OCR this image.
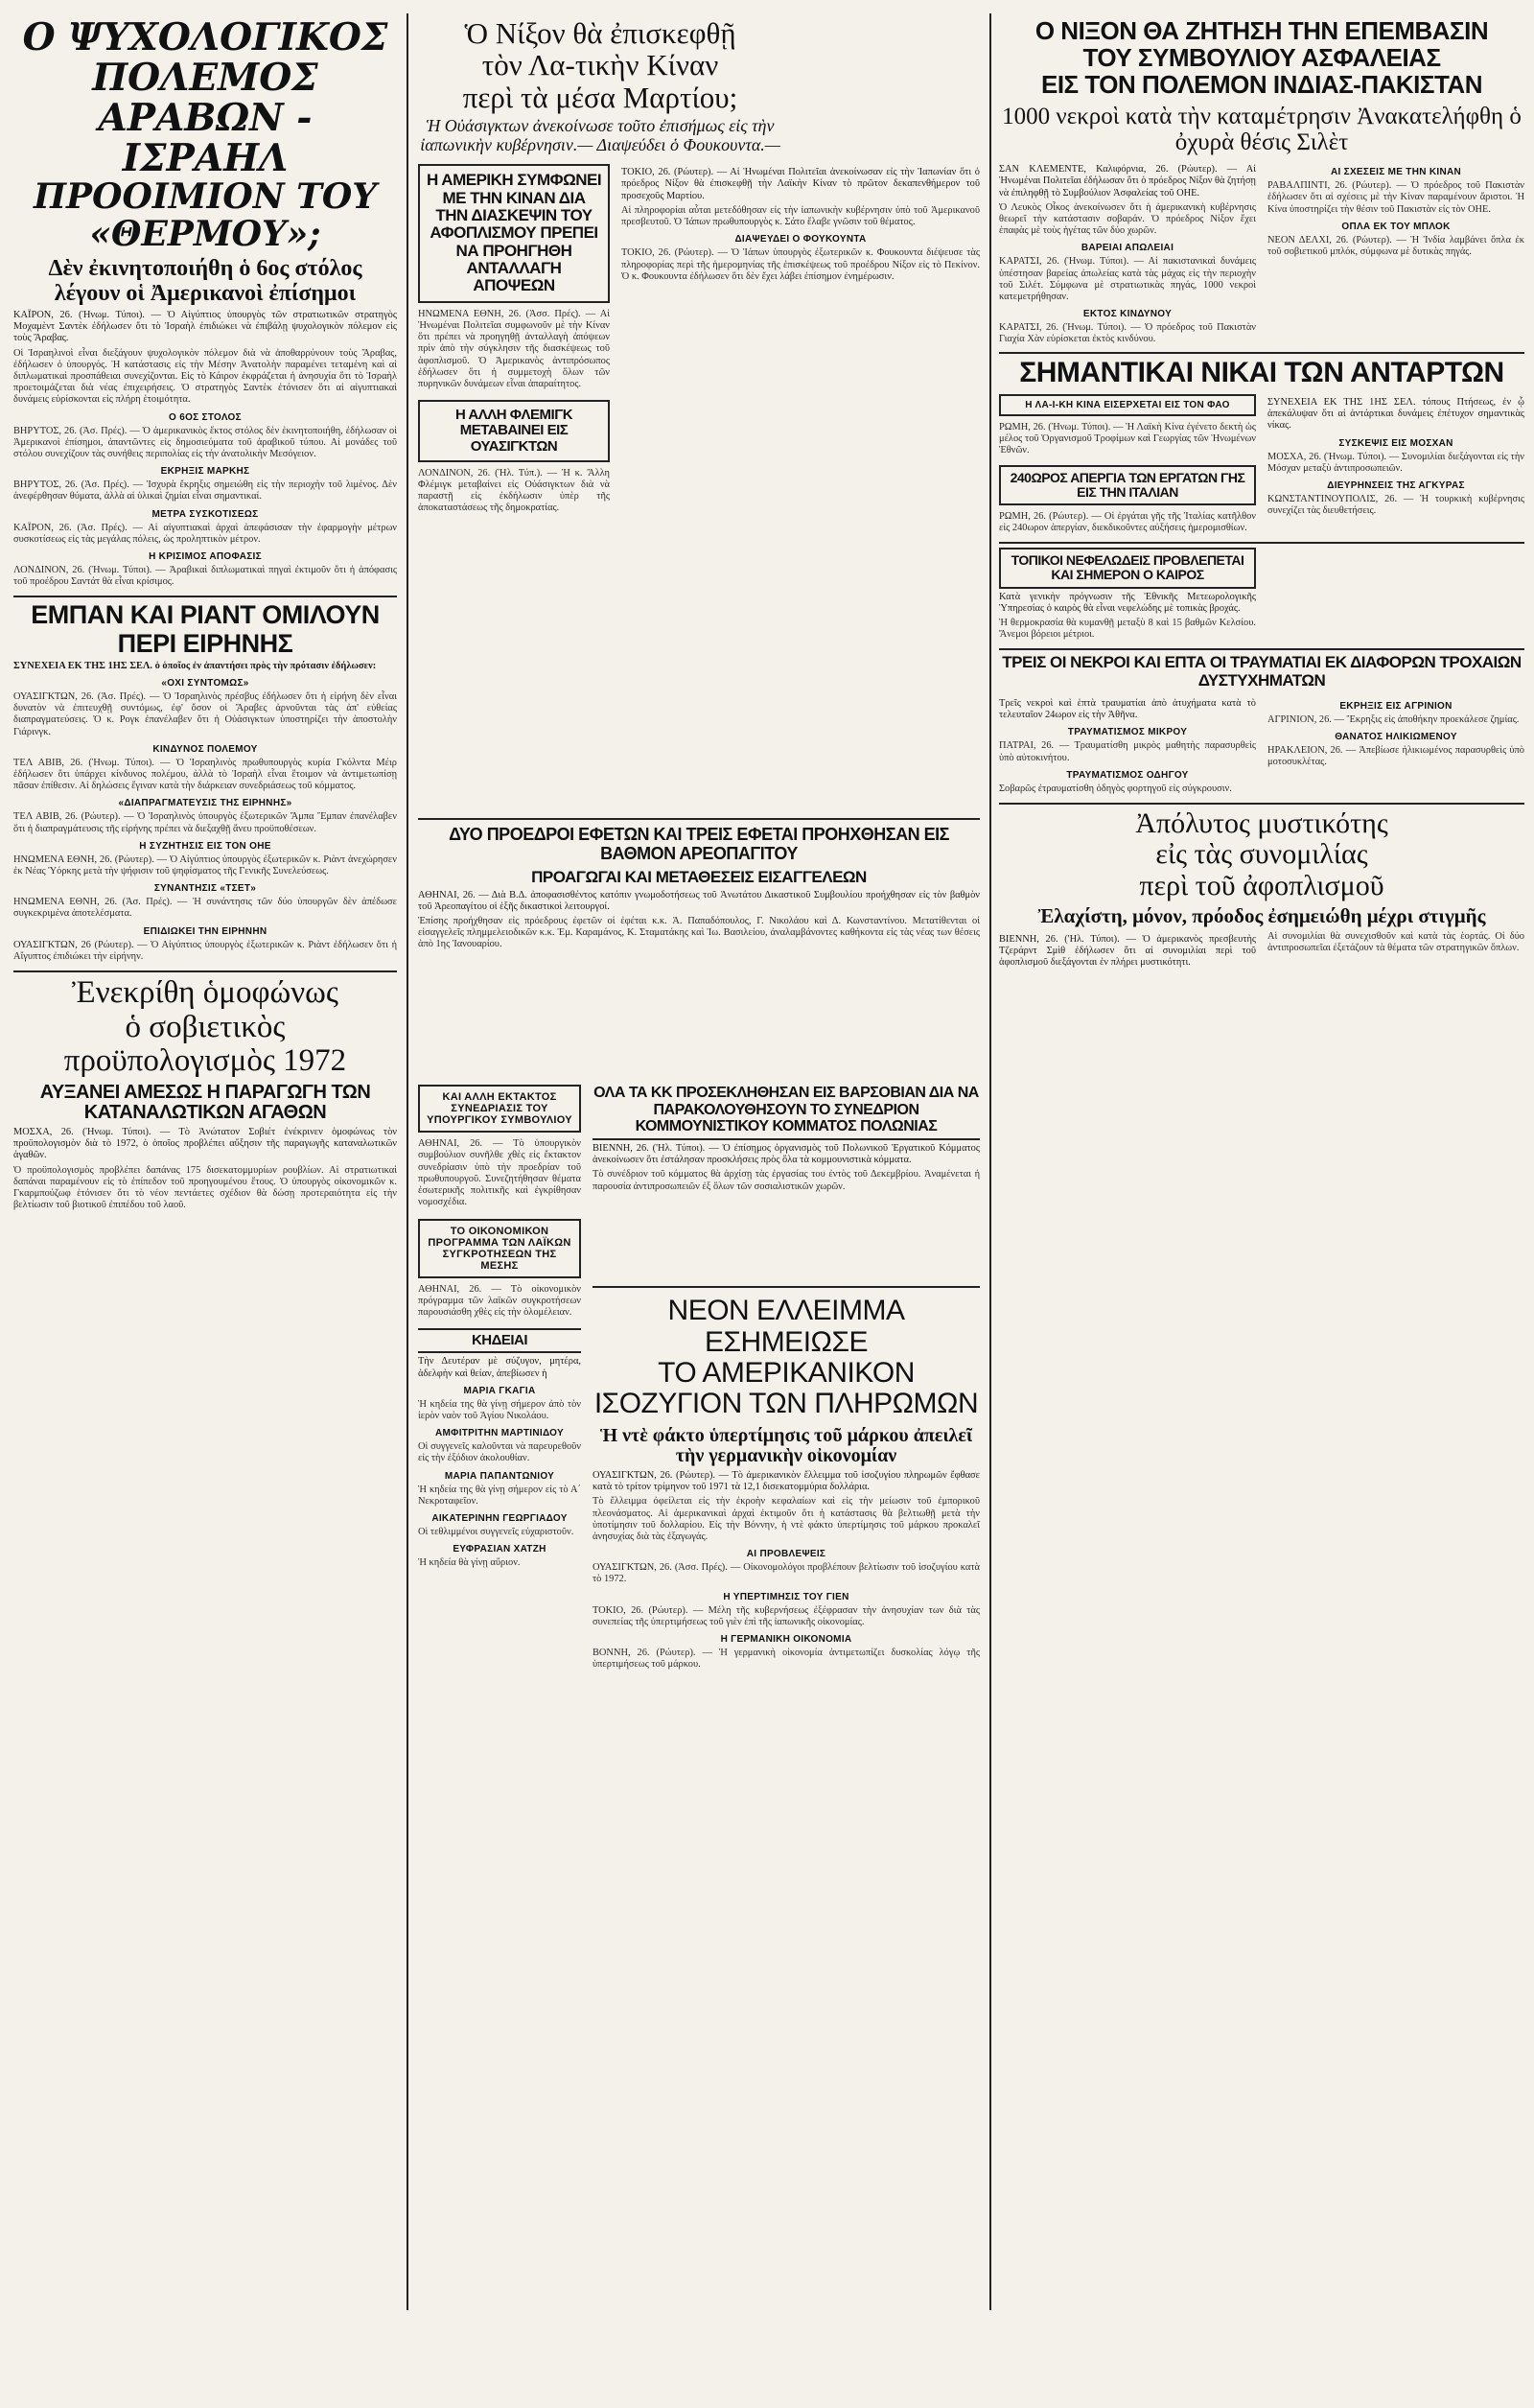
Ο ΨΥΧΟΛΟΓΙΚΟΣ ΠΟΛΕΜΟΣ
ΑΡΑΒΩΝ - ΙΣΡΑΗΛ
ΠΡΟΟΙΜΙΟΝ ΤΟΥ «ΘΕΡΜΟΥ»;
Δὲν ἐκινητοποιήθη ὁ 6ος στόλος λέγουν οἱ Ἀμερικανοὶ ἐπίσημοι

ΚΑΪΡΟΝ, 26. (Ἠνωμ. Τύποι). — Ὁ Αἰγύπτιος ὑπουργὸς τῶν στρατιωτικῶν στρατηγὸς Μοχαμὲντ Σαντὲκ ἐδήλωσεν ὅτι τὸ Ἰσραὴλ ἐπιδιώκει νὰ ἐπιβάλῃ ψυχολογικὸν πόλεμον εἰς τοὺς Ἄραβας.

Οἱ Ἰσραηλινοὶ εἶναι διεξάγουν ψυχολογικὸν πόλεμον διὰ νὰ ἀποθαρρύνουν τοὺς Ἄραβας, ἐδήλωσεν ὁ ὑπουργός. Ἡ κατάστασις εἰς τὴν Μέσην Ἀνατολὴν παραμένει τεταμένη καὶ αἱ διπλωματικαὶ προσπάθειαι συνεχίζονται. Εἰς τὸ Κάιρον ἐκφράζεται ἡ ἀνησυχία ὅτι τὸ Ἰσραὴλ προετοιμάζεται διὰ νέας ἐπιχειρήσεις. Ὁ στρατηγὸς Σαντὲκ ἐτόνισεν ὅτι αἱ αἰγυπτιακαὶ δυνάμεις εὑρίσκονται εἰς πλήρη ἑτοιμότητα.
Ο 6ΟΣ ΣΤΟΛΟΣ
ΒΗΡΥΤΟΣ, 26. (Ἀσ. Πρές). — Ὁ ἀμερικανικὸς ἕκτος στόλος δὲν ἐκινητοποιήθη, ἐδήλωσαν οἱ Ἀμερικανοὶ ἐπίσημοι, ἀπαντῶντες εἰς δημοσιεύματα τοῦ ἀραβικοῦ τύπου. Αἱ μονάδες τοῦ στόλου συνεχίζουν τὰς συνήθεις περιπολίας εἰς τὴν ἀνατολικὴν Μεσόγειον.
ΕΚΡΗΞΙΣ ΜΑΡΚΗΣ
ΒΗΡΥΤΟΣ, 26. (Ἀσ. Πρές). — Ἰσχυρὰ ἔκρηξις σημειώθη εἰς τὴν περιοχὴν τοῦ λιμένος. Δὲν ἀνεφέρθησαν θύματα, ἀλλὰ αἱ ὑλικαὶ ζημίαι εἶναι σημαντικαί.
ΜΕΤΡΑ ΣΥΣΚΟΤΙΣΕΩΣ
ΚΑΪΡΟΝ, 26. (Ἀσ. Πρές). — Αἱ αἰγυπτιακαὶ ἀρχαὶ ἀπεφάσισαν τὴν ἐφαρμογὴν μέτρων συσκοτίσεως εἰς τὰς μεγάλας πόλεις, ὡς προληπτικὸν μέτρον.
Η ΚΡΙΣΙΜΟΣ ΑΠΟΦΑΣΙΣ
ΛΟΝΔΙΝΟΝ, 26. (Ἠνωμ. Τύποι). — Ἀραβικαὶ διπλωματικαὶ πηγαὶ ἐκτιμοῦν ὅτι ἡ ἀπόφασις τοῦ προέδρου Σαντάτ θὰ εἶναι κρίσιμος.
ΕΜΠΑΝ ΚΑΙ ΡΙΑΝΤ ΟΜΙΛΟΥΝ ΠΕΡΙ ΕΙΡΗΝΗΣ

ΣΥΝΕΧΕΙΑ ΕΚ ΤΗΣ 1ΗΣ ΣΕΛ. ὁ ὁποῖος ἐν ἀπαντήσει πρὸς τὴν πρότασιν ἐδήλωσεν:

«ΟΧΙ ΣΥΝΤΟΜΩΣ»
ΟΥΑΣΙΓΚΤΩΝ, 26. (Ἀσ. Πρές). — Ὁ Ἰσραηλινὸς πρέσβυς ἐδήλωσεν ὅτι ἡ εἰρήνη δὲν εἶναι δυνατὸν νὰ ἐπιτευχθῇ συντόμως, ἐφ' ὅσον οἱ Ἄραβες ἀρνοῦνται τὰς ἀπ' εὐθείας διαπραγματεύσεις. Ὁ κ. Ρογκ ἐπανέλαβεν ὅτι ἡ Οὐάσιγκτων ὑποστηρίζει τὴν ἀποστολὴν Γιάρινγκ.
ΚΙΝΔΥΝΟΣ ΠΟΛΕΜΟΥ
ΤΕΛ ΑΒΙΒ, 26. (Ἠνωμ. Τύποι). — Ὁ Ἰσραηλινὸς πρωθυπουργὸς κυρία Γκόλντα Μέιρ ἐδήλωσεν ὅτι ὑπάρχει κίνδυνος πολέμου, ἀλλὰ τὸ Ἰσραὴλ εἶναι ἕτοιμον νὰ ἀντιμετωπίσῃ πᾶσαν ἐπίθεσιν. Αἱ δηλώσεις ἔγιναν κατὰ τὴν διάρκειαν συνεδριάσεως τοῦ κόμματος.
«ΔΙΑΠΡΑΓΜΑΤΕΥΣΙΣ ΤΗΣ ΕΙΡΗΝΗΣ»
ΤΕΛ ΑΒΙΒ, 26. (Ρώυτερ). — Ὁ Ἰσραηλινὸς ὑπουργὸς ἐξωτερικῶν Ἄμπα Ἔμπαν ἐπανέλαβεν ὅτι ἡ διαπραγμάτευσις τῆς εἰρήνης πρέπει νὰ διεξαχθῇ ἄνευ προϋποθέσεων.
Η ΣΥΖΗΤΗΣΙΣ ΕΙΣ ΤΟΝ ΟΗΕ
ΗΝΩΜΕΝΑ ΕΘΝΗ, 26. (Ρώυτερ). — Ὁ Αἰγύπτιος ὑπουργὸς ἐξωτερικῶν κ. Ριὰντ ἀνεχώρησεν ἐκ Νέας Ὑόρκης μετὰ τὴν ψήφισιν τοῦ ψηφίσματος τῆς Γενικῆς Συνελεύσεως.
ΣΥΝΑΝΤΗΣΙΣ «ΤΣΕΤ»
ΗΝΩΜΕΝΑ ΕΘΝΗ, 26. (Ἀσ. Πρές). — Ἡ συνάντησις τῶν δύο ὑπουργῶν δὲν ἀπέδωσε συγκεκριμένα ἀποτελέσματα.
ΕΠΙΔΙΩΚΕΙ ΤΗΝ ΕΙΡΗΝΗΝ
ΟΥΑΣΙΓΚΤΩΝ, 26 (Ρώυτερ). — Ὁ Αἰγύπτιος ὑπουργὸς ἐξωτερικῶν κ. Ριὰντ ἐδήλωσεν ὅτι ἡ Αἴγυπτος ἐπιδιώκει τὴν εἰρήνην.
Ἐνεκρίθη ὁμοφώνως
ὁ σοβιετικὸς
προϋπολογισμὸς 1972
ΑΥΞΑΝΕΙ ΑΜΕΣΩΣ Η ΠΑΡΑΓΩΓΗ ΤΩΝ ΚΑΤΑΝΑΛΩΤΙΚΩΝ ΑΓΑΘΩΝ

ΜΟΣΧΑ, 26. (Ἠνωμ. Τύποι). — Τὸ Ἀνώτατον Σοβιέτ ἐνέκρινεν ὁμοφώνως τὸν προϋπολογισμὸν διὰ τὸ 1972, ὁ ὁποῖος προβλέπει αὔξησιν τῆς παραγωγῆς καταναλωτικῶν ἀγαθῶν.

Ὁ προϋπολογισμὸς προβλέπει δαπάνας 175 δισεκατομμυρίων ρουβλίων. Αἱ στρατιωτικαὶ δαπάναι παραμένουν εἰς τὸ ἐπίπεδον τοῦ προηγουμένου ἔτους. Ὁ ὑπουργὸς οἰκονομικῶν κ. Γκαρμπούζωφ ἐτόνισεν ὅτι τὸ νέον πεντάετες σχέδιον θὰ δώσῃ προτεραιότητα εἰς τὴν βελτίωσιν τοῦ βιοτικοῦ ἐπιπέδου τοῦ λαοῦ.
Ὁ Νίξον θὰ ἐπισκεφθῇ
τὸν Λα-τικὴν Κίναν
περὶ τὰ μέσα Μαρτίου;
Ἡ Οὐάσιγκτων ἀνεκοίνωσε τοῦτο ἐπισήμως εἰς τὴν ἰαπωνικὴν κυβέρνησιν.— Διαψεύδει ὁ Φουκουντα.—
Η ΑΜΕΡΙΚΗ ΣΥΜΦΩΝΕΙ ΜΕ ΤΗΝ ΚΙΝΑΝ ΔΙΑ ΤΗΝ ΔΙΑΣΚΕΨΙΝ ΤΟΥ ΑΦΟΠΛΙΣΜΟΥ ΠΡΕΠΕΙ ΝΑ ΠΡΟΗΓΗΘΗ ΑΝΤΑΛΛΑΓΗ ΑΠΟΨΕΩΝ
ΗΝΩΜΕΝΑ ΕΘΝΗ, 26. (Ἀσσ. Πρές). — Αἱ Ἡνωμέναι Πολιτεῖαι συμφωνοῦν μὲ τὴν Κίναν ὅτι πρέπει νὰ προηγηθῇ ἀνταλλαγὴ ἀπόψεων πρὶν ἀπὸ τὴν σύγκλησιν τῆς διασκέψεως τοῦ ἀφοπλισμοῦ. Ὁ Ἀμερικανὸς ἀντιπρόσωπος ἐδήλωσεν ὅτι ἡ συμμετοχὴ ὅλων τῶν πυρηνικῶν δυνάμεων εἶναι ἀπαραίτητος.
Η ΑΛΛΗ ΦΛΕΜΙΓΚ ΜΕΤΑΒΑΙΝΕΙ ΕΙΣ ΟΥΑΣΙΓΚΤΩΝ
ΛΟΝΔΙΝΟΝ, 26. (Ἠλ. Τύπ.). — Ἡ κ. Ἄλλη Φλέμιγκ μεταβαίνει εἰς Οὐάσιγκτων διὰ νὰ παραστῇ εἰς ἐκδήλωσιν ὑπὲρ τῆς ἀποκαταστάσεως τῆς δημοκρατίας.

ΤΟΚΙΟ, 26. (Ρώυτερ). — Αἱ Ἡνωμέναι Πολιτεῖαι ἀνεκοίνωσαν εἰς τὴν Ἰαπωνίαν ὅτι ὁ πρόεδρος Νίξον θὰ ἐπισκεφθῇ τὴν Λαϊκὴν Κίναν τὸ πρῶτον δεκαπενθήμερον τοῦ προσεχοῦς Μαρτίου.

Αἱ πληροφορίαι αὗται μετεδόθησαν εἰς τὴν ἰαπωνικὴν κυβέρνησιν ὑπὸ τοῦ Ἀμερικανοῦ πρεσβευτοῦ. Ὁ Ἰάπων πρωθυπουργὸς κ. Σάτο ἔλαβε γνῶσιν τοῦ θέματος.
ΔΙΑΨΕΥΔΕΙ Ο ΦΟΥΚΟΥΝΤΑ
ΤΟΚΙΟ, 26. (Ρώυτερ). — Ὁ Ἰάπων ὑπουργὸς ἐξωτερικῶν κ. Φουκουντα διέψευσε τὰς πληροφορίας περὶ τῆς ἡμερομηνίας τῆς ἐπισκέψεως τοῦ προέδρου Νίξον εἰς τὸ Πεκίνον. Ὁ κ. Φουκουντα ἐδήλωσεν ὅτι δὲν ἔχει λάβει ἐπίσημον ἐνημέρωσιν.
ΔΥΟ ΠΡΟΕΔΡΟΙ ΕΦΕΤΩΝ ΚΑΙ ΤΡΕΙΣ ΕΦΕΤΑΙ ΠΡΟΗΧΘΗΣΑΝ ΕΙΣ ΒΑΘΜΟΝ ΑΡΕΟΠΑΓΙΤΟΥ
ΠΡΟΑΓΩΓΑΙ ΚΑΙ ΜΕΤΑΘΕΣΕΙΣ ΕΙΣΑΓΓΕΛΕΩΝ

ΑΘΗΝΑΙ, 26. — Διὰ Β.Δ. ἀποφασισθέντος κατόπιν γνωμοδοτήσεως τοῦ Ἀνωτάτου Δικαστικοῦ Συμβουλίου προήχθησαν εἰς τὸν βαθμὸν τοῦ Ἀρεοπαγίτου οἱ ἑξῆς δικαστικοὶ λειτουργοί.

Ἐπίσης προήχθησαν εἰς πρόεδρους ἐφετῶν οἱ ἐφέται κ.κ. Ἀ. Παπαδόπουλος, Γ. Νικολάου καὶ Δ. Κωνσταντίνου. Μετατίθενται οἱ εἰσαγγελεῖς πλημμελειοδικῶν κ.κ. Ἐμ. Καραμάνος, Κ. Σταματάκης καὶ Ἰω. Βασιλείου, ἀναλαμβάνοντες καθήκοντα εἰς τὰς νέας των θέσεις ἀπὸ 1ης Ἰανουαρίου.
ΚΑΙ ΑΛΛΗ ΕΚΤΑΚΤΟΣ ΣΥΝΕΔΡΙΑΣΙΣ ΤΟΥ ΥΠΟΥΡΓΙΚΟΥ ΣΥΜΒΟΥΛΙΟΥ
ΑΘΗΝΑΙ, 26. — Τὸ ὑπουργικὸν συμβούλιον συνῆλθε χθὲς εἰς ἔκτακτον συνεδρίασιν ὑπὸ τὴν προεδρίαν τοῦ πρωθυπουργοῦ. Συνεζητήθησαν θέματα ἐσωτερικῆς πολιτικῆς καὶ ἐγκρίθησαν νομοσχέδια.
ΤΟ ΟΙΚΟΝΟΜΙΚΟΝ ΠΡΟΓΡΑΜΜΑ ΤΩΝ ΛΑΪΚΩΝ ΣΥΓΚΡΟΤΗΣΕΩΝ ΤΗΣ ΜΕΣΗΣ
ΑΘΗΝΑΙ, 26. — Τὸ οἰκονομικὸν πρόγραμμα τῶν λαϊκῶν συγκροτήσεων παρουσιάσθη χθὲς εἰς τὴν ὁλομέλειαν.
ΚΗΔΕΙΑΙ

Τὴν Δευτέραν μὲ σύζυγον, μητέρα, ἀδελφὴν καὶ θείαν, ἀπεβίωσεν ἡ

ΜΑΡΙΑ ΓΚΑΓΙΑ
Ἡ κηδεία της θὰ γίνῃ σήμερον ἀπὸ τὸν ἱερὸν ναὸν τοῦ Ἁγίου Νικολάου.
ΑΜΦΙΤΡΙΤΗΝ ΜΑΡΤΙΝΙΔΟΥ
Οἱ συγγενεῖς καλοῦνται νὰ παρευρεθοῦν εἰς τὴν ἐξόδιον ἀκολουθίαν.
ΜΑΡΙΑ ΠΑΠΑΝΤΩΝΙΟΥ
Ἡ κηδεία της θὰ γίνῃ σήμερον εἰς τὸ Α΄ Νεκροταφεῖον.
ΑΙΚΑΤΕΡΙΝΗΝ ΓΕΩΡΓΙΑΔΟΥ
Οἱ τεθλιμμένοι συγγενεῖς εὐχαριστοῦν.
ΕΥΦΡΑΣΙΑΝ ΧΑΤΖΗ
Ἡ κηδεία θὰ γίνῃ αὔριον.
ΟΛΑ ΤΑ ΚΚ ΠΡΟΣΕΚΛΗΘΗΣΑΝ ΕΙΣ ΒΑΡΣΟΒΙΑΝ ΔΙΑ ΝΑ ΠΑΡΑΚΟΛΟΥΘΗΣΟΥΝ ΤΟ ΣΥΝΕΔΡΙΟΝ ΚΟΜΜΟΥΝΙΣΤΙΚΟΥ ΚΟΜΜΑΤΟΣ ΠΟΛΩΝΙΑΣ

ΒΙΕΝΝΗ, 26. ('Ηλ. Τύποι). — Ὁ ἐπίσημος ὀργανισμὸς τοῦ Πολωνικοῦ Ἐργατικοῦ Κόμματος ἀνεκοίνωσεν ὅτι ἐστάλησαν προσκλήσεις πρὸς ὅλα τὰ κομμουνιστικὰ κόμματα.

Τὸ συνέδριον τοῦ κόμματος θὰ ἀρχίσῃ τὰς ἐργασίας του ἐντὸς τοῦ Δεκεμβρίου. Ἀναμένεται ἡ παρουσία ἀντιπροσωπειῶν ἐξ ὅλων τῶν σοσιαλιστικῶν χωρῶν.
ΝΕΟΝ ΕΛΛΕΙΜΜΑ ΕΣΗΜΕΙΩΣΕ
ΤΟ ΑΜΕΡΙΚΑΝΙΚΟΝ
ΙΣΟΖΥΓΙΟΝ ΤΩΝ ΠΛΗΡΩΜΩΝ
Ἡ ντὲ φάκτο ὑπερτίμησις τοῦ μάρκου ἀπειλεῖ τὴν γερμανικὴν οἰκονομίαν

ΟΥΑΣΙΓΚΤΩΝ, 26. (Ρώυτερ). — Τὸ ἀμερικανικὸν ἔλλειμμα τοῦ ἰσοζυγίου πληρωμῶν ἔφθασε κατὰ τὸ τρίτον τρίμηνον τοῦ 1971 τὰ 12,1 δισεκατομμύρια δολλάρια.

Τὸ ἔλλειμμα ὀφείλεται εἰς τὴν ἐκροὴν κεφαλαίων καὶ εἰς τὴν μείωσιν τοῦ ἐμπορικοῦ πλεονάσματος. Αἱ ἀμερικανικαὶ ἀρχαὶ ἐκτιμοῦν ὅτι ἡ κατάστασις θὰ βελτιωθῇ μετὰ τὴν ὑποτίμησιν τοῦ δολλαρίου. Εἰς τὴν Βόννην, ἡ ντὲ φάκτο ὑπερτίμησις τοῦ μάρκου προκαλεῖ ἀνησυχίας διὰ τὰς ἐξαγωγάς.
ΑΙ ΠΡΟΒΛΕΨΕΙΣ
ΟΥΑΣΙΓΚΤΩΝ, 26. (Ἀσσ. Πρές). — Οἰκονομολόγοι προβλέπουν βελτίωσιν τοῦ ἰσοζυγίου κατὰ τὸ 1972.
Η ΥΠΕΡΤΙΜΗΣΙΣ ΤΟΥ ΓΙΕΝ
ΤΟΚΙΟ, 26. (Ρώυτερ). — Μέλη τῆς κυβερνήσεως ἐξέφρασαν τὴν ἀνησυχίαν των διὰ τὰς συνεπείας τῆς ὑπερτιμήσεως τοῦ γιὲν ἐπὶ τῆς ἰαπωνικῆς οἰκονομίας.
Η ΓΕΡΜΑΝΙΚΗ ΟΙΚΟΝΟΜΙΑ
ΒΟΝΝΗ, 26. (Ρώυτερ). — Ἡ γερμανικὴ οἰκονομία ἀντιμετωπίζει δυσκολίας λόγῳ τῆς ὑπερτιμήσεως τοῦ μάρκου.
Ο ΝΙΞΟΝ ΘΑ ΖΗΤΗΣΗ ΤΗΝ ΕΠΕΜΒΑΣΙΝ
ΤΟΥ ΣΥΜΒΟΥΛΙΟΥ ΑΣΦΑΛΕΙΑΣ
ΕΙΣ ΤΟΝ ΠΟΛΕΜΟΝ ΙΝΔΙΑΣ-ΠΑΚΙΣΤΑΝ
1000 νεκροὶ κατὰ τὴν καταμέτρησιν Ἀνακατελήφθη ὁ ὀχυρὰ θέσις Σιλὲτ

ΣΑΝ ΚΛΕΜΕΝΤΕ, Καλιφόρνια, 26. (Ρώυτερ). — Αἱ Ἡνωμέναι Πολιτεῖαι ἐδήλωσαν ὅτι ὁ πρόεδρος Νίξον θὰ ζητήσῃ νὰ ἐπιληφθῇ τὸ Συμβούλιον Ἀσφαλείας τοῦ ΟΗΕ.

Ὁ Λευκὸς Οἶκος ἀνεκοίνωσεν ὅτι ἡ ἀμερικανικὴ κυβέρνησις θεωρεῖ τὴν κατάστασιν σοβαράν. Ὁ πρόεδρος Νίξον ἔχει ἐπαφὰς μὲ τοὺς ἡγέτας τῶν δύο χωρῶν.
ΒΑΡΕΙΑΙ ΑΠΩΛΕΙΑΙ
ΚΑΡΑΤΣΙ, 26. (Ἠνωμ. Τύποι). — Αἱ πακιστανικαὶ δυνάμεις ὑπέστησαν βαρείας ἀπωλείας κατὰ τὰς μάχας εἰς τὴν περιοχὴν τοῦ Σιλέτ. Σύμφωνα μὲ στρατιωτικὰς πηγάς, 1000 νεκροὶ κατεμετρήθησαν.
ΕΚΤΟΣ ΚΙΝΔΥΝΟΥ
ΚΑΡΑΤΣΙ, 26. (Ἠνωμ. Τύποι). — Ὁ πρόεδρος τοῦ Πακιστὰν Γιαχία Χὰν εὑρίσκεται ἐκτὸς κινδύνου.
ΑΙ ΣΧΕΣΕΙΣ ΜΕ ΤΗΝ ΚΙΝΑΝ
ΡΑΒΑΛΠΙΝΤΙ, 26. (Ρώυτερ). — Ὁ πρόεδρος τοῦ Πακιστὰν ἐδήλωσεν ὅτι αἱ σχέσεις μὲ τὴν Κίναν παραμένουν ἄριστοι. Ἡ Κίνα ὑποστηρίζει τὴν θέσιν τοῦ Πακιστὰν εἰς τὸν ΟΗΕ.
ΟΠΛΑ ΕΚ ΤΟΥ ΜΠΛΟΚ
ΝΕΟΝ ΔΕΛΧΙ, 26. (Ρώυτερ). — Ἡ Ἰνδία λαμβάνει ὅπλα ἐκ τοῦ σοβιετικοῦ μπλόκ, σύμφωνα μὲ δυτικὰς πηγάς.
ΣΗΜΑΝΤΙΚΑΙ ΝΙΚΑΙ ΤΩΝ ΑΝΤΑΡΤΩΝ
Η ΛΑ-Ι-ΚΗ ΚΙΝΑ ΕΙΣΕΡΧΕΤΑΙ ΕΙΣ ΤΟΝ ΦΑΟ
ΡΩΜΗ, 26. (Ἠνωμ. Τύποι). — Ἡ Λαϊκὴ Κίνα ἐγένετο δεκτὴ ὡς μέλος τοῦ Ὀργανισμοῦ Τροφίμων καὶ Γεωργίας τῶν Ἡνωμένων Ἐθνῶν.
240ΩΡΟΣ ΑΠΕΡΓΙΑ ΤΩΝ ΕΡΓΑΤΩΝ ΓΗΣ ΕΙΣ ΤΗΝ ΙΤΑΛΙΑΝ
ΡΩΜΗ, 26. (Ρώυτερ). — Οἱ ἐργάται γῆς τῆς Ἰταλίας κατῆλθον εἰς 240ωρον ἀπεργίαν, διεκδικοῦντες αὐξήσεις ἡμερομισθίων.

ΣΥΝΕΧΕΙΑ ΕΚ ΤΗΣ 1ΗΣ ΣΕΛ. τόπους Πτήσεως, ἐν ᾧ ἀπεκάλυψαν ὅτι αἱ ἀντάρτικαι δυνάμεις ἐπέτυχον σημαντικὰς νίκας.

ΣΥΣΚΕΨΙΣ ΕΙΣ ΜΟΣΧΑΝ
ΜΟΣΧΑ, 26. (Ἠνωμ. Τύποι). — Συνομιλίαι διεξάγονται εἰς τὴν Μόσχαν μεταξὺ ἀντιπροσωπειῶν.
ΔΙΕΥΡΗΝΣΕΙΣ ΤΗΣ ΑΓΚΥΡΑΣ
ΚΩΝΣΤΑΝΤΙΝΟΥΠΟΛΙΣ, 26. — Ἡ τουρκικὴ κυβέρνησις συνεχίζει τὰς διευθετήσεις.
ΤΟΠΙΚΟΙ ΝΕΦΕΛΩΔΕΙΣ ΠΡΟΒΛΕΠΕΤΑΙ ΚΑΙ ΣΗΜΕΡΟΝ Ο ΚΑΙΡΟΣ

Κατὰ γενικὴν πρόγνωσιν τῆς Ἐθνικῆς Μετεωρολογικῆς Ὑπηρεσίας ὁ καιρὸς θὰ εἶναι νεφελώδης μὲ τοπικὰς βροχάς.

Ἡ θερμοκρασία θὰ κυμανθῇ μεταξὺ 8 καὶ 15 βαθμῶν Κελσίου. Ἄνεμοι βόρειοι μέτριοι.
ΤΡΕΙΣ ΟΙ ΝΕΚΡΟΙ ΚΑΙ ΕΠΤΑ ΟΙ ΤΡΑΥΜΑΤΙΑΙ ΕΚ ΔΙΑΦΟΡΩΝ ΤΡΟΧΑΙΩΝ ΔΥΣΤΥΧΗΜΑΤΩΝ

Τρεῖς νεκροὶ καὶ ἑπτὰ τραυματίαι ἀπὸ ἀτυχήματα κατὰ τὸ τελευταῖον 24ωρον εἰς τὴν Ἀθῆνα.

ΤΡΑΥΜΑΤΙΣΜΟΣ ΜΙΚΡΟΥ
ΠΑΤΡΑΙ, 26. — Τραυματίσθη μικρὸς μαθητὴς παρασυρθεὶς ὑπὸ αὐτοκινήτου.
ΤΡΑΥΜΑΤΙΣΜΟΣ ΟΔΗΓΟΥ
Σοβαρῶς ἐτραυματίσθη ὁδηγὸς φορτηγοῦ εἰς σύγκρουσιν.
ΕΚΡΗΞΙΣ ΕΙΣ ΑΓΡΙΝΙΟΝ
ΑΓΡΙΝΙΟΝ, 26. — Ἔκρηξις εἰς ἀποθήκην προεκάλεσε ζημίας.
ΘΑΝΑΤΟΣ ΗΛΙΚΙΩΜΕΝΟΥ
ΗΡΑΚΛΕΙΟΝ, 26. — Ἀπεβίωσε ἡλικιωμένος παρασυρθεὶς ὑπὸ μοτοσυκλέτας.
Ἀπόλυτος μυστικότης
εἰς τὰς συνομιλίας
περὶ τοῦ ἀφοπλισμοῦ
Ἐλαχίστη, μόνον, πρόοδος ἐσημειώθη μέχρι στιγμῆς

ΒΙΕΝΝΗ, 26. ('Ηλ. Τύποι). — Ὁ ἀμερικανὸς πρεσβευτὴς Τζεράρντ Σμὶθ ἐδήλωσεν ὅτι αἱ συνομιλίαι περὶ τοῦ ἀφοπλισμοῦ διεξάγονται ἐν πλήρει μυστικότητι.

Αἱ συνομιλίαι θὰ συνεχισθοῦν καὶ κατὰ τὰς ἑορτάς. Οἱ δύο ἀντιπροσωπεῖαι ἐξετάζουν τὰ θέματα τῶν στρατηγικῶν ὅπλων.
